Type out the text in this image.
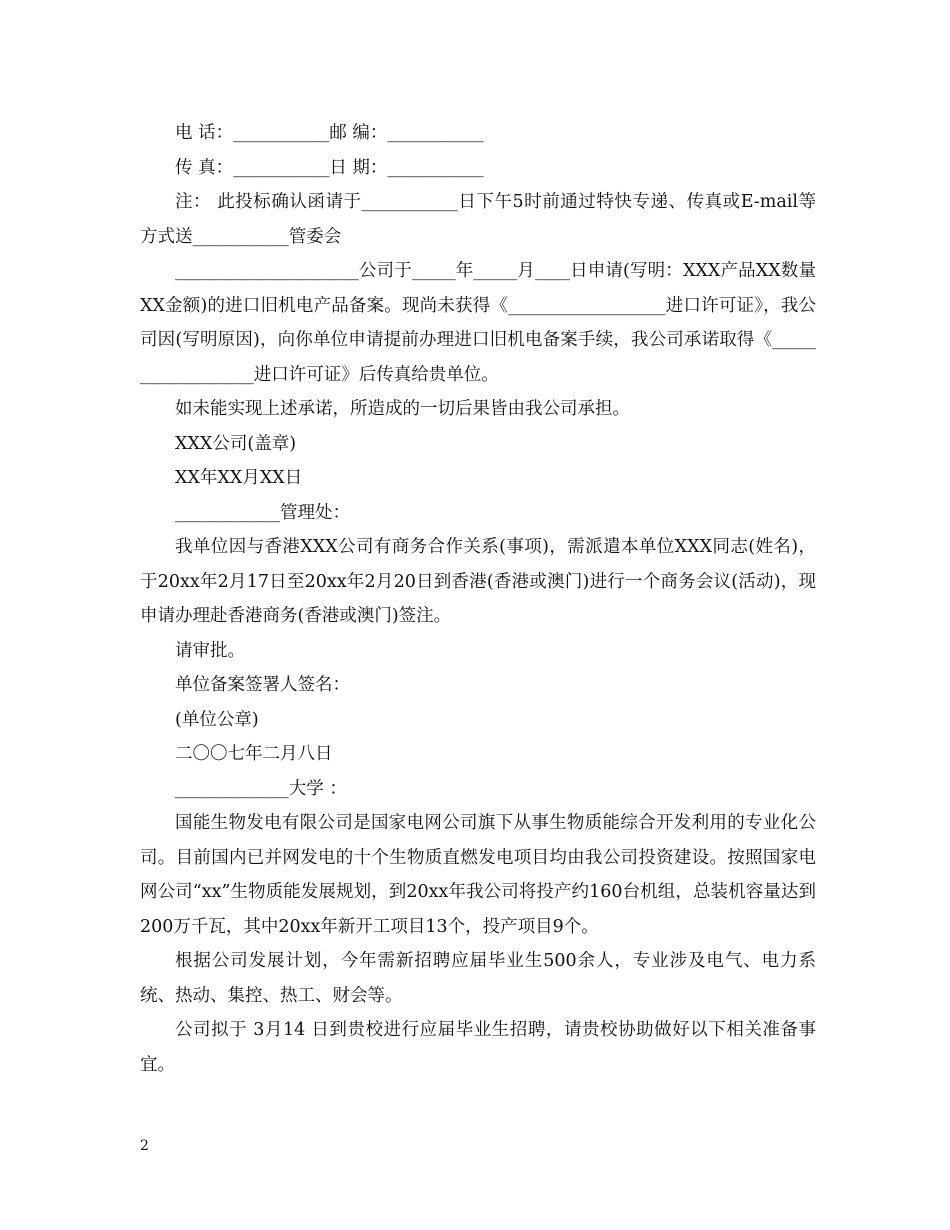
电 话：___________邮 编：___________

传 真：___________日 期：___________

注： 此投标确认函请于___________日下午5时前通过特快专递、传真或E-mail等方式送___________管委会

_____________________公司于_____年_____月____日申请(写明：XXX产品XX数量XX金额)的进口旧机电产品备案。现尚未获得《__________________进口许可证》，我公司因(写明原因)，向你单位申请提前办理进口旧机电备案手续，我公司承诺取得《__________________进口许可证》后传真给贵单位。

如未能实现上述承诺，所造成的一切后果皆由我公司承担。

XXX公司(盖章)

XX年XX月XX日

____________管理处：

我单位因与香港XXX公司有商务合作关系(事项)，需派遣本单位XXX同志(姓名)，于20xx年2月17日至20xx年2月20日到香港(香港或澳门)进行一个商务会议(活动)，现申请办理赴香港商务(香港或澳门)签注。

请审批。

单位备案签署人签名：

(单位公章)

二〇〇七年二月八日

_____________大学 ：

国能生物发电有限公司是国家电网公司旗下从事生物质能综合开发利用的专业化公司。目前国内已并网发电的十个生物质直燃发电项目均由我公司投资建设。按照国家电网公司“xx”生物质能发展规划，到20xx年我公司将投产约160台机组，总装机容量达到200万千瓦，其中20xx年新开工项目13个，投产项目9个。

根据公司发展计划，今年需新招聘应届毕业生500余人，专业涉及电气、电力系统、热动、集控、热工、财会等。

公司拟于 3月14 日到贵校进行应届毕业生招聘，请贵校协助做好以下相关准备事宜。

2
